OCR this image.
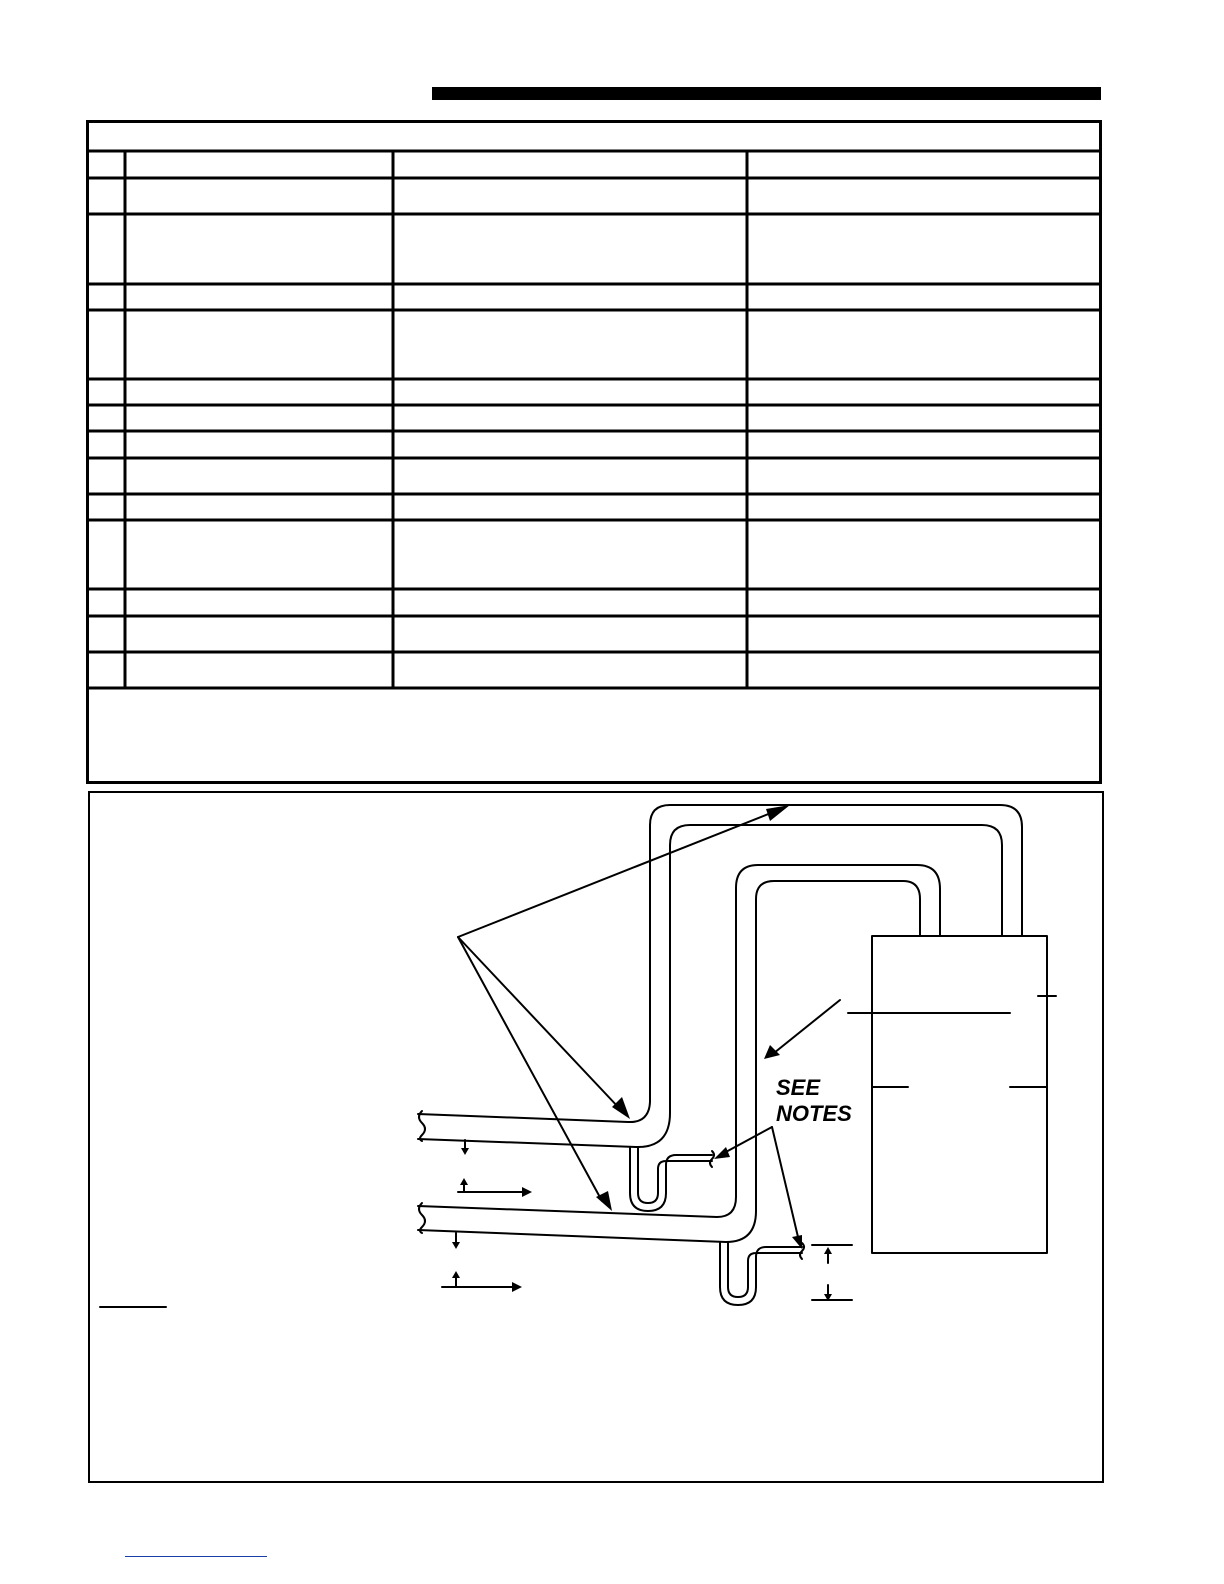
SEE
NOTES
